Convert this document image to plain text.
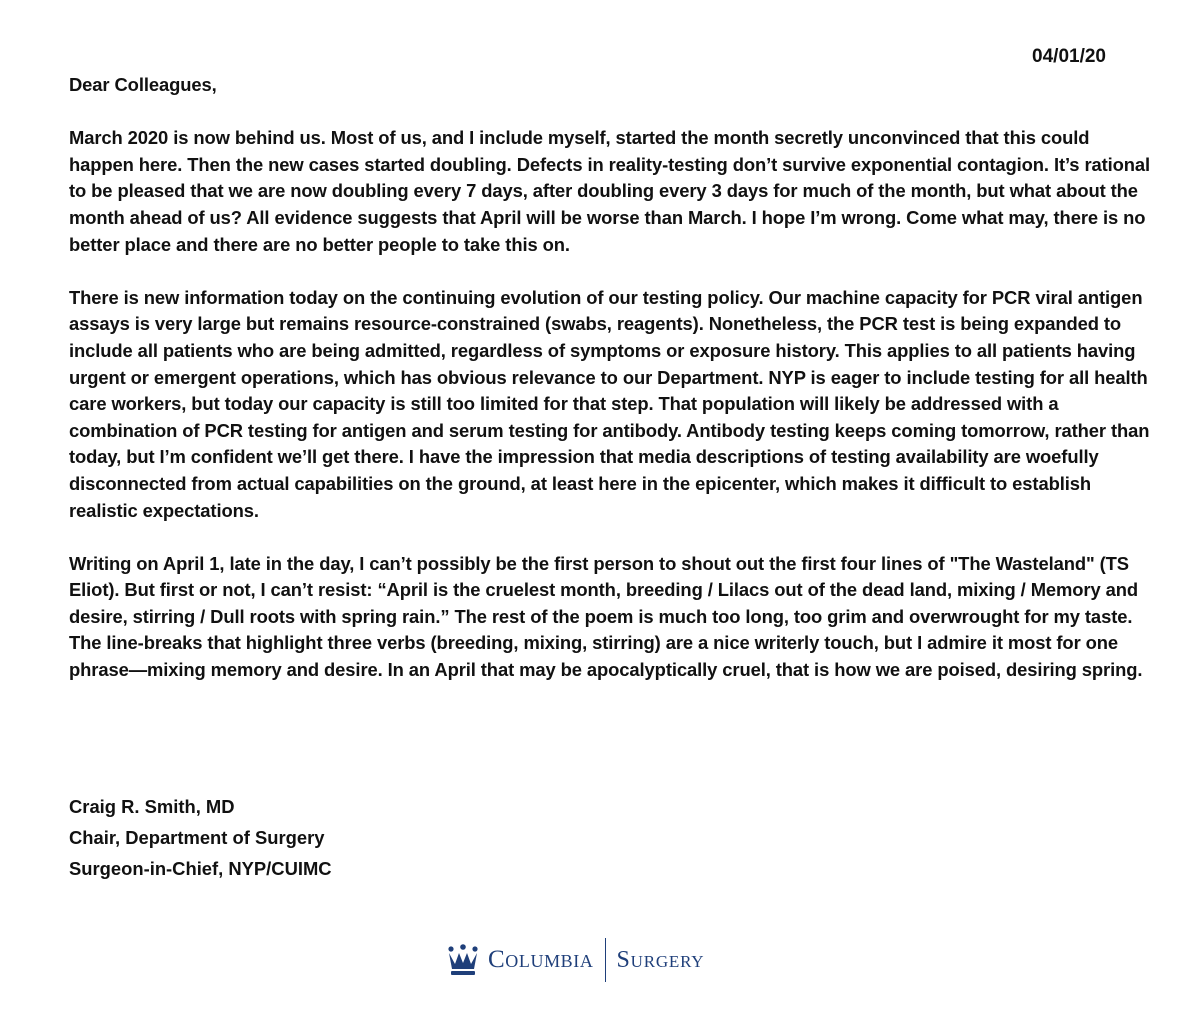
04/01/20
Dear Colleagues,

March 2020 is now behind us. Most of us, and I include myself, started the month secretly unconvinced that this could happen here. Then the new cases started doubling. Defects in reality-testing don’t survive exponential contagion. It’s rational to be pleased that we are now doubling every 7 days, after doubling every 3 days for much of the month, but what about the month ahead of us? All evidence suggests that April will be worse than March. I hope I’m wrong. Come what may, there is no better place and there are no better people to take this on.

There is new information today on the continuing evolution of our testing policy. Our machine capacity for PCR viral antigen assays is very large but remains resource-constrained (swabs, reagents). Nonetheless, the PCR test is being expanded to include all patients who are being admitted, regardless of symptoms or exposure history. This applies to all patients having urgent or emergent operations, which has obvious relevance to our Department. NYP is eager to include testing for all health care workers, but today our capacity is still too limited for that step. That population will likely be addressed with a combination of PCR testing for antigen and serum testing for antibody. Antibody testing keeps coming tomorrow, rather than today, but I’m confident we’ll get there. I have the impression that media descriptions of testing availability are woefully disconnected from actual capabilities on the ground, at least here in the epicenter, which makes it difficult to establish realistic expectations.

Writing on April 1, late in the day, I can’t possibly be the first person to shout out the first four lines of "The Wasteland" (TS Eliot). But first or not, I can’t resist: “April is the cruelest month, breeding / Lilacs out of the dead land, mixing / Memory and desire, stirring / Dull roots with spring rain.” The rest of the poem is much too long, too grim and overwrought for my taste. The line-breaks that highlight three verbs (breeding, mixing, stirring) are a nice writerly touch, but I admire it most for one phrase—mixing memory and desire. In an April that may be apocalyptically cruel, that is how we are poised, desiring spring.

Craig R. Smith, MD
Chair, Department of Surgery
Surgeon-in-Chief, NYP/CUIMC
Columbia Surgery
